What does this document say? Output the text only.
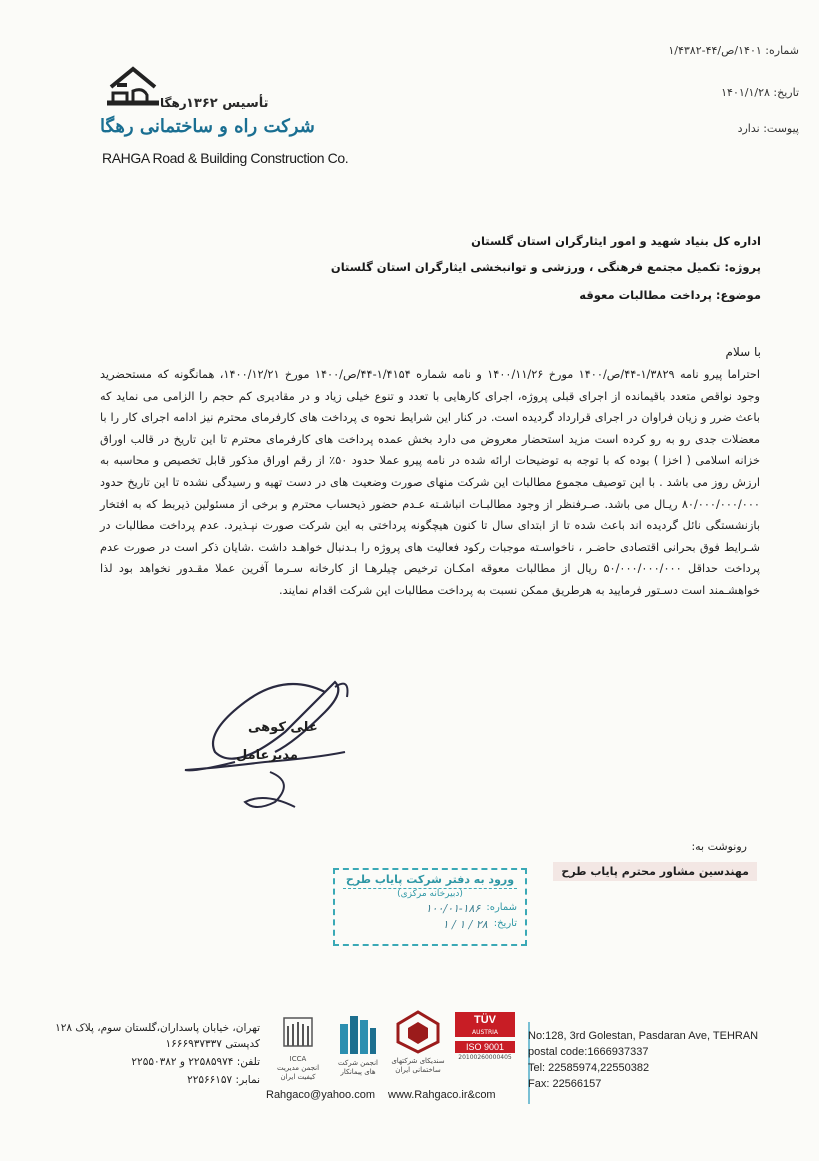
شماره: ۱۴۰۱/ص/۴۴-۱/۴۳۸۲
تاریخ: ۱۴۰۱/۱/۲۸
پیوست: ندارد
رهگا تأسیس ۱۳۶۲
شرکت راه و ساختمانی رهگا
RAHGA Road & Building Construction Co.
اداره کل بنیاد شهید و امور ایثارگران استان گلستان
پروژه: تکمیل مجتمع فرهنگی ، ورزشی و توانبخشی ایثارگران استان گلستان
موضوع: پرداخت مطالبات معوقه
با سلام

احتراما پیرو نامه ۱/۳۸۲۹-۴۴/ص/۱۴۰۰ مورخ ۱۴۰۰/۱۱/۲۶ و نامه شماره ۱/۴۱۵۴-۴۴/ص/۱۴۰۰ مورخ ۱۴۰۰/۱۲/۲۱، همانگونه که مستحضرید وجود نواقص متعدد باقیمانده از اجرای قبلی پروژه، اجرای کارهایی با تعدد و تنوع خیلی زیاد و در مقادیری کم حجم را الزامی می نماید که باعث ضرر و زیان فراوان در اجرای قرارداد گردیده است. در کنار این شرایط نحوه ی پرداخت های کارفرمای محترم نیز ادامه اجرای کار را با معضلات جدی رو به رو کرده است مزید استحضار معروض می دارد بخش عمده پرداخت های کارفرمای محترم تا این تاریخ در قالب اوراق خزانه اسلامی ( اخزا ) بوده که با توجه به توضیحات ارائه شده در نامه پیرو عملا حدود ۵۰٪ از رقم اوراق مذکور قابل تخصیص و محاسبه به ارزش روز می باشد . با این توصیف مجموع مطالبات این شرکت منهای صورت وضعیت های در دست تهیه و رسیدگی نشده تا این تاریخ حدود ۸۰/۰۰۰/۰۰۰/۰۰۰ ریـال می باشد. صـرفنظر از وجود مطالبـات انباشـته عـدم حضور ذیحساب محترم و برخی از مسئولین ذیربط که به افتخار بازنشستگی نائل گردیده اند باعث شده تا از ابتدای سال تا کنون هیچگونه پرداختی به این شرکت صورت نپـذیرد. عدم پرداخت مطالبات در شـرایط فوق بحرانی اقتصادی حاضـر ، ناخواسـته موجبات رکود فعالیت های پروژه را بـدنبال خواهـد داشت .شایان ذکر است در صورت عدم پرداخت حداقل ۵۰/۰۰۰/۰۰۰/۰۰۰ ریال از مطالبات معوقه امکـان ترخیص چیلرهـا از کارخانه سـرما آفرین عملا مقـدور نخواهد بود لذا خواهشـمند است دسـتور فرمایید به هرطریق ممکن نسبت به پرداخت مطالبات این شرکت اقدام نمایند.

علی کوهی
مدیرعامل
رونوشت به:
مهندسین مشاور محترم پایاب طرح
ورود به دفتر شرکت پایاب طرح
(دبیرخانه مرکزی)
شماره:
۱۰۰/۰۱-۱۸۶
تاریخ:
۲۸ / ۱ / ۱
تهران، خیابان پاسداران،گلستان سوم، پلاک ۱۲۸
کدپستی ۱۶۶۶۹۳۷۳۳۷
تلفن: ۲۲۵۸۵۹۷۴ و ۲۲۵۵۰۳۸۲
نمابر: ۲۲۵۶۶۱۵۷
ICCA
انجمن مدیریت کیفیت ایران
انجمن شرکت های پیمانکار
سندیکای شرکتهای ساختمانی ایران
TÜV
AUSTRIA
ISO 9001
20100260000405
No:128, 3rd Golestan, Pasdaran Ave, TEHRAN
postal code:1666937337
Tel: 22585974,22550382
Fax: 22566157
Rahgaco@yahoo.com www.Rahgaco.ir&com
